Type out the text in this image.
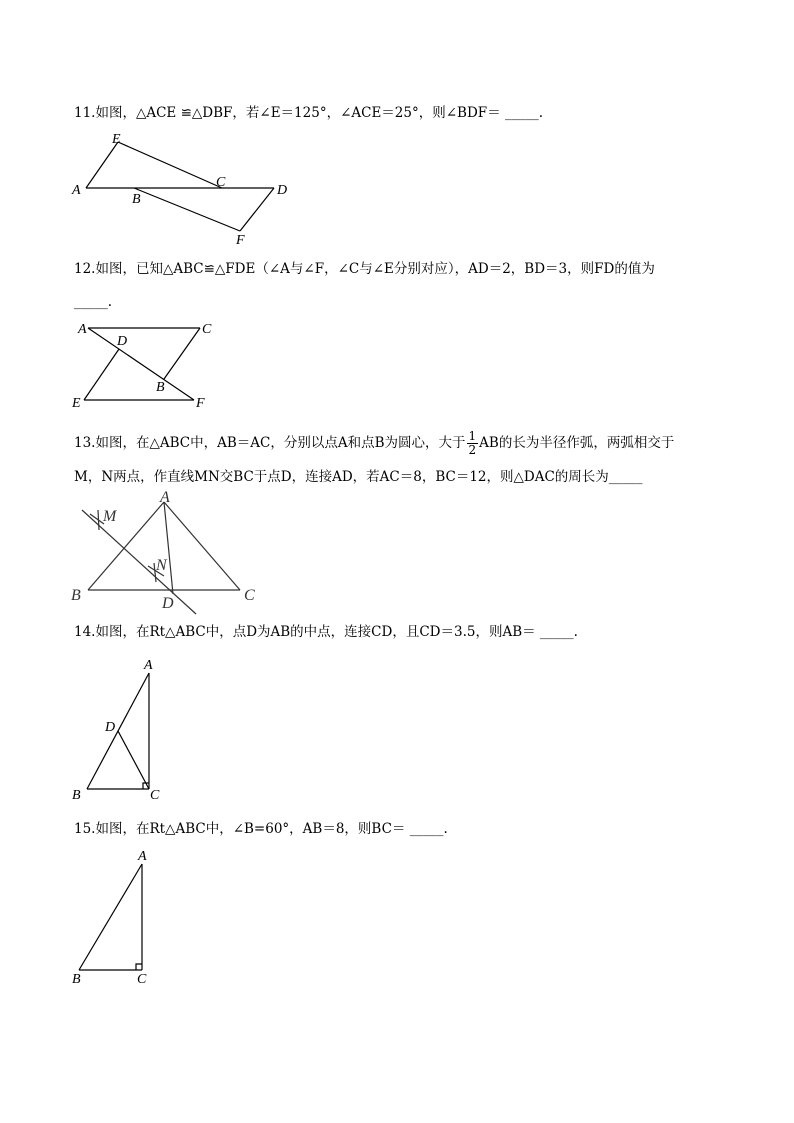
11.如图，△ACE ≌△DBF，若∠E＝125°，∠ACE＝25°，则∠BDF＝ _____.
E
A
C
D
B
F
12.如图，已知△ABC≌△FDE（∠A与∠F，∠C与∠E分别对应），AD＝2，BD＝3，则FD的值为
_____.
A	C
D
B
E	F
13.如图，在△ABC中，AB＝AC，分别以点A和点B为圆心，大于 $\frac{1}{2}$ AB的长为半径作弧，两弧相交于
M，N两点，作直线MN交BC于点D，连接AD，若AC＝8，BC＝12，则△DAC的周长为_____
A
M
N
B	D	C
14.如图，在Rt△ABC中，点D为AB的中点，连接CD，且CD＝3.5，则AB＝ _____.
A
D
B	C
15.如图，在Rt△ABC中，∠B=60°，AB＝8，则BC＝ _____.
A
B	C
